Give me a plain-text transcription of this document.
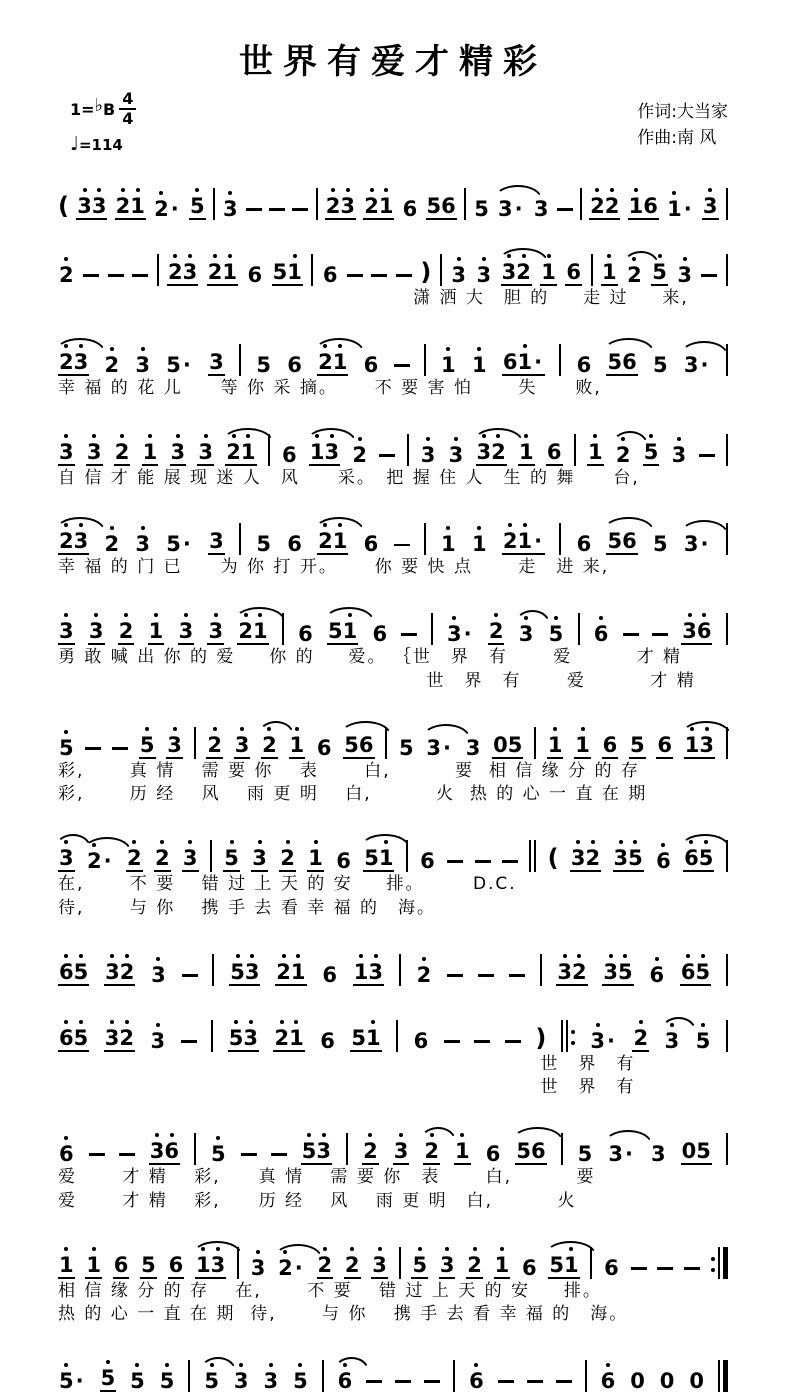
世界有爱才精彩
1= ♭ B $\frac{4}{4}$
♩=114
作词:大当家
作曲:南 风
( 3 3 2 1 2 · 5 3	2 3 2 1 6 5 6 5 3 · 3 2 2 1 6 1 · 3
2	2 3 2 1 6 5 1 6	) 3 3 3 2 1 6 1 2 5 3
潇 洒 大　胆 的　  走 过　  来,
2 3 2 3 5 · 3 5 6 2 1 6	1 1 6 1 · 6 5 6 5 3 ·
幸 福 的 花 儿　　等 你 采 摘。　　 不 要 害 怕　　 失　　败,
3 3 2 1 3 3 2 1 6 1 3 2	3 3 3 2 1 6 1 2 5 3
自 信 才 能 展 现 迷 人　风　　采。　把 握 住 人　生 的 舞　　台,
2 3 2 3 5 · 3 5 6 2 1 6	1 1 2 1 · 6 5 6 5 3 ·
幸 福 的 门 已　　为 你 打 开。　　 你 要 快 点　　 走　进 来,
3 3 2 1 3 3 2 1 6 5 1 6	3 · 2 3 5 6	3 6
勇 敢 喊 出 你 的 爱　  你 的　  爱。 ｛世　界　有　　 爱　　　 才 精
世　界　有　　 爱　　　 才 精
5	5 3 2 3 2 1 6 5 6 5 3 · 3 0 5 1 1 6 5 6 1 3
彩,　　 真 情　 需 要 你　 表　　 白,　　　 要  相 信 缘 分 的 存
彩,　　 历 经　 风　 雨 更 明　 白,　　　 火  热 的 心 一 直 在 期
3 2 · 2 2 3 5 3 2 1 6 5 1 6	( 3 2 3 5 6 6 5
在,　　 不 要　 错 过 上 天 的 安　  排。　　　D.C.
待,　　 与 你　 携 手 去 看 幸 福 的　海。
6 5 3 2 3	5 3 2 1 6 1 3 2	3 2 3 5 6 6 5
6 5 3 2 3	5 3 2 1 6 5 1 6	) 3 · 2 3 5
世　界　有
世　界　有
6	3 6 5	5 3 2 3 2 1 6 5 6 5 3 · 3 0 5
爱　　 才 精　 彩,　　真 情　 需 要 你　表　　 白,　　　 要
爱　　 才 精　 彩,　　历 经　 风　 雨 更 明　白,　　　 火
1 1 6 5 6 1 3 3 2 · 2 2 3 5 3 2 1 6 5 1 6
相 信 缘 分 的 存　 在,　　 不 要　 错 过 上 天 的 安　  排。
热 的 心 一 直 在 期  待,　　 与 你　 携 手 去 看 幸 福 的　海。
5 · 5 5 5 5 3 3 5 6	6	6 0 0 0
